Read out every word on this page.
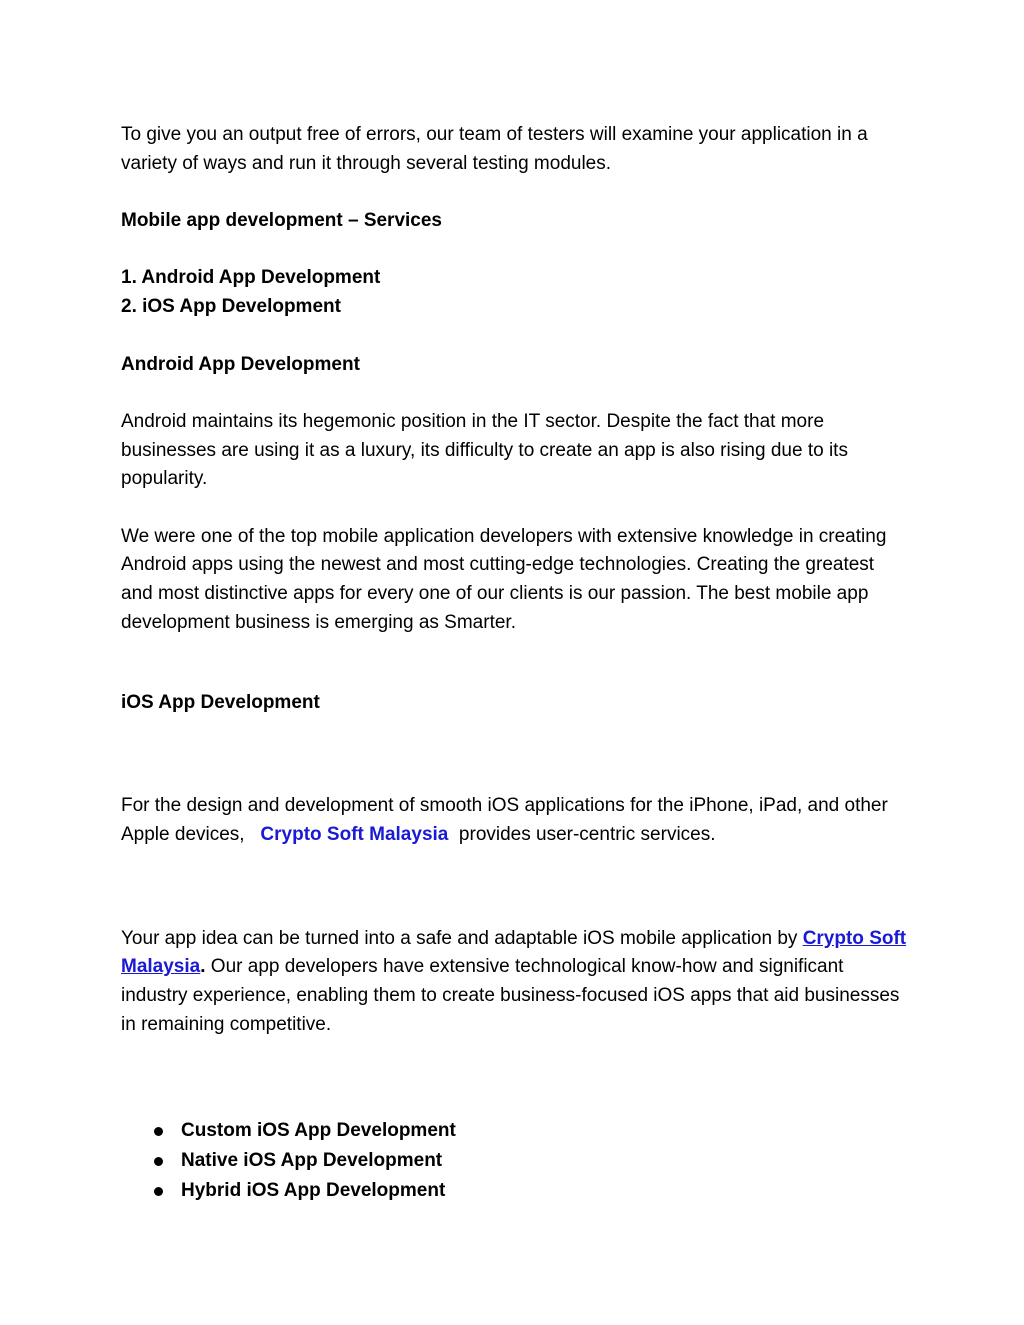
To give you an output free of errors, our team of testers will examine your application in a variety of ways and run it through several testing modules.

Mobile app development – Services

1. Android App Development

2. iOS App Development

Android App Development

Android maintains its hegemonic position in the IT sector. Despite the fact that more businesses are using it as a luxury, its difficulty to create an app is also rising due to its popularity.

We were one of the top mobile application developers with extensive knowledge in creating Android apps using the newest and most cutting-edge technologies. Creating the greatest and most distinctive apps for every one of our clients is our passion. The best mobile app development business is emerging as Smarter.

iOS App Development

For the design and development of smooth iOS applications for the iPhone, iPad, and other Apple devices, Crypto Soft Malaysia provides user-centric services.

Your app idea can be turned into a safe and adaptable iOS mobile application by Crypto Soft Malaysia. Our app developers have extensive technological know-how and significant industry experience, enabling them to create business-focused iOS apps that aid businesses in remaining competitive.

Custom iOS App Development
Native iOS App Development
Hybrid iOS App Development
